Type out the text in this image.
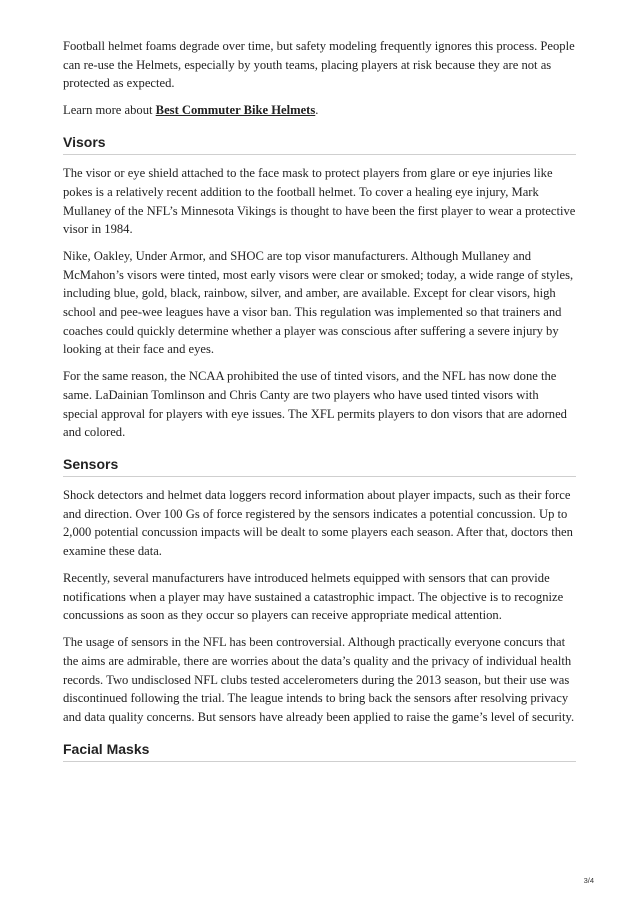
Football helmet foams degrade over time, but safety modeling frequently ignores this process. People can re-use the Helmets, especially by youth teams, placing players at risk because they are not as protected as expected.

Learn more about Best Commuter Bike Helmets.

Visors

The visor or eye shield attached to the face mask to protect players from glare or eye injuries like pokes is a relatively recent addition to the football helmet. To cover a healing eye injury, Mark Mullaney of the NFL’s Minnesota Vikings is thought to have been the first player to wear a protective visor in 1984.

Nike, Oakley, Under Armor, and SHOC are top visor manufacturers. Although Mullaney and McMahon’s visors were tinted, most early visors were clear or smoked; today, a wide range of styles, including blue, gold, black, rainbow, silver, and amber, are available. Except for clear visors, high school and pee-wee leagues have a visor ban. This regulation was implemented so that trainers and coaches could quickly determine whether a player was conscious after suffering a severe injury by looking at their face and eyes.

For the same reason, the NCAA prohibited the use of tinted visors, and the NFL has now done the same. LaDainian Tomlinson and Chris Canty are two players who have used tinted visors with special approval for players with eye issues. The XFL permits players to don visors that are adorned and colored.

Sensors

Shock detectors and helmet data loggers record information about player impacts, such as their force and direction. Over 100 Gs of force registered by the sensors indicates a potential concussion. Up to 2,000 potential concussion impacts will be dealt to some players each season. After that, doctors then examine these data.

Recently, several manufacturers have introduced helmets equipped with sensors that can provide notifications when a player may have sustained a catastrophic impact. The objective is to recognize concussions as soon as they occur so players can receive appropriate medical attention.

The usage of sensors in the NFL has been controversial. Although practically everyone concurs that the aims are admirable, there are worries about the data’s quality and the privacy of individual health records. Two undisclosed NFL clubs tested accelerometers during the 2013 season, but their use was discontinued following the trial. The league intends to bring back the sensors after resolving privacy and data quality concerns. But sensors have already been applied to raise the game’s level of security.

Facial Masks
3/4
